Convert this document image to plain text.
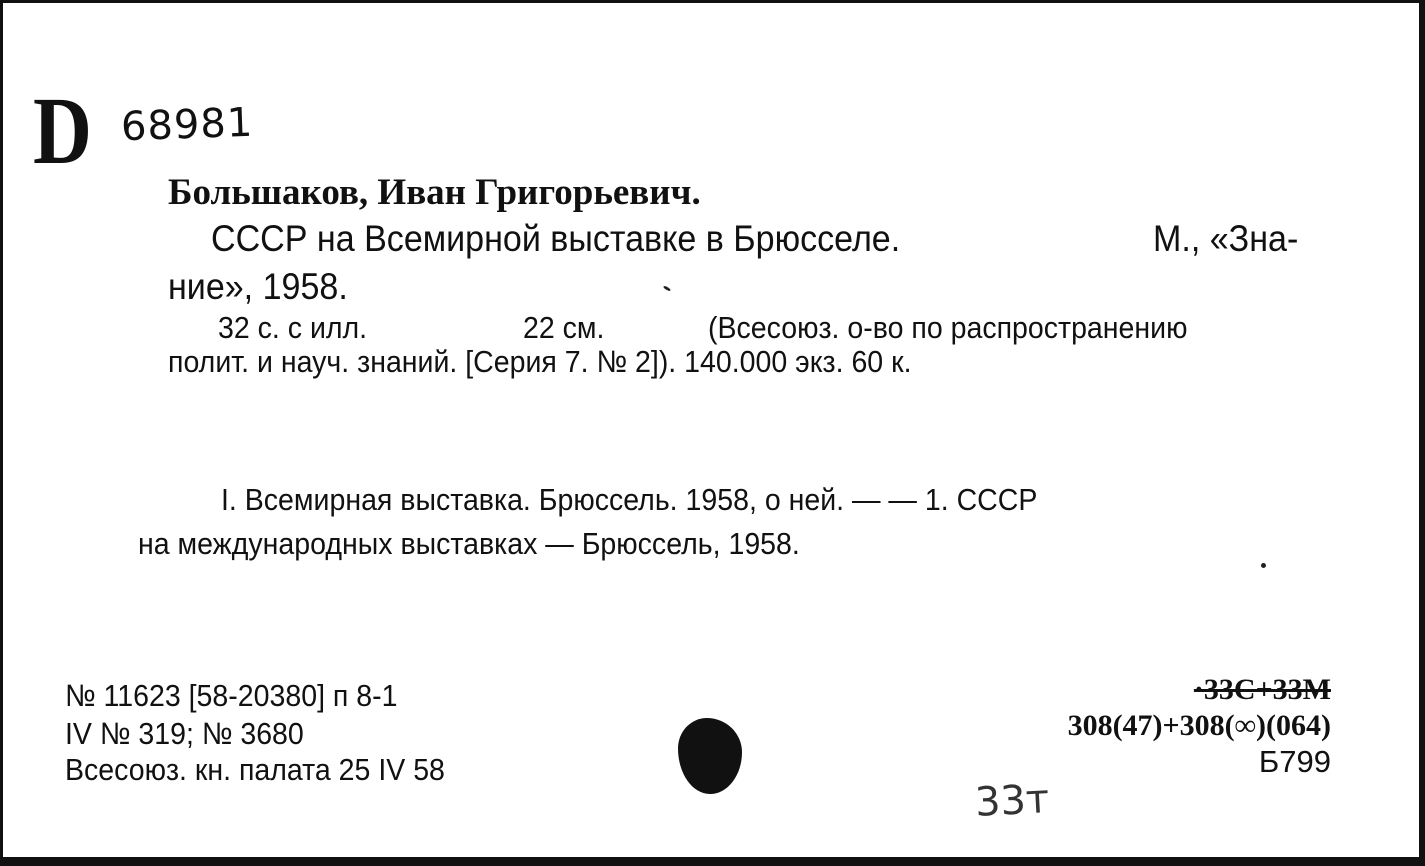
D 68981
Большаков, Иван Григорьевич.
СССР на Всемирной выставке в Брюсселе.	М., «Зна-
ние», 1958.
32 с. с илл.	22 см.	(Всесоюз. о-во по распространению
полит. и науч. знаний. [Серия 7. № 2]). 140.000 экз. 60 к.
I. Всемирная выставка. Брюссель. 1958, о ней. — — 1. СССР
на международных выставках — Брюссель, 1958.
№ 11623 [58-20380] п 8-1
IV № 319; № 3680
Всесоюз. кн. палата 25 IV 58
·33С+33М
308(47)+308(∞)(064)
Б799
33т
